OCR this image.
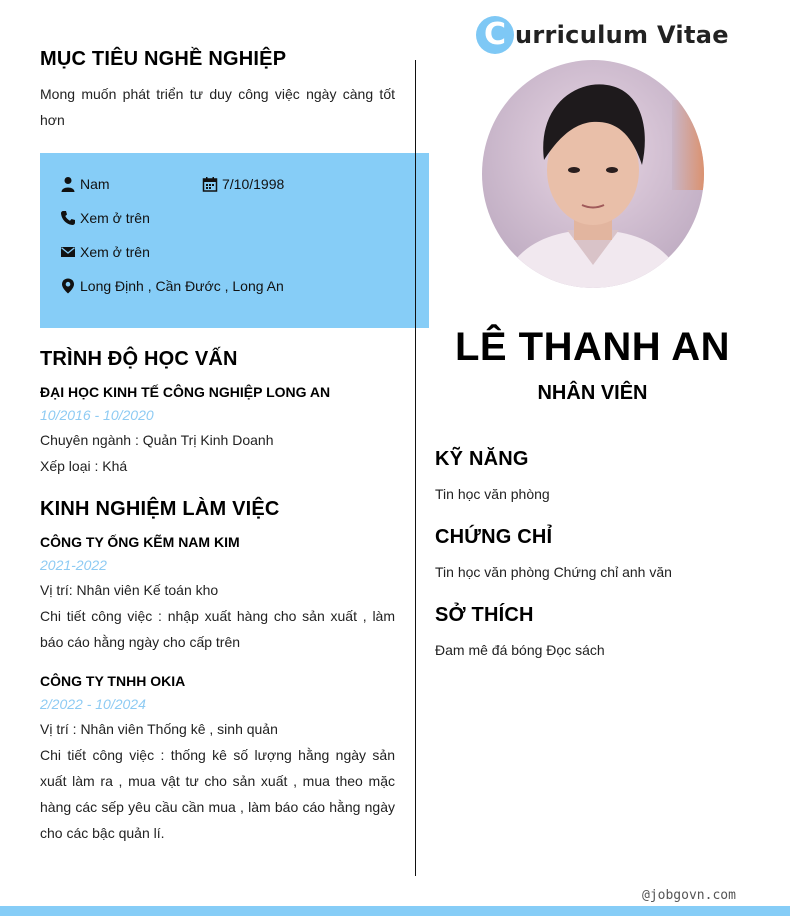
MỤC TIÊU NGHỀ NGHIỆP
Mong muốn phát triển tư duy công việc ngày càng tốt hơn
Nam	7/10/1998
Xem ở trên
Xem ở trên
Long Định , Cần Đước , Long An
TRÌNH ĐỘ HỌC VẤN
ĐẠI HỌC KINH TẾ CÔNG NGHIỆP LONG AN
10/2016 - 10/2020
Chuyên ngành : Quản Trị Kinh Doanh
Xếp loại : Khá
KINH NGHIỆM LÀM VIỆC
CÔNG TY ỐNG KẼM NAM KIM
2021-2022
Vị trí: Nhân viên Kế toán kho
Chi tiết công việc : nhập xuất hàng cho sản xuất , làm báo cáo hằng ngày cho cấp trên
CÔNG TY TNHH OKIA
2/2022 - 10/2024
Vị trí : Nhân viên Thống kê , sinh quản
Chi tiết công việc : thống kê số lượng hằng ngày sản xuất làm ra , mua vật tư cho sản xuất , mua theo mặc hàng các sếp yêu cầu cần mua , làm báo cáo hằng ngày cho các bậc quản lí.
C urriculum Vitae
LÊ THANH AN
NHÂN VIÊN
KỸ NĂNG
Tin học văn phòng
CHỨNG CHỈ
Tin học văn phòng Chứng chỉ anh văn
SỞ THÍCH
Đam mê đá bóng Đọc sách
@jobgovn.com
